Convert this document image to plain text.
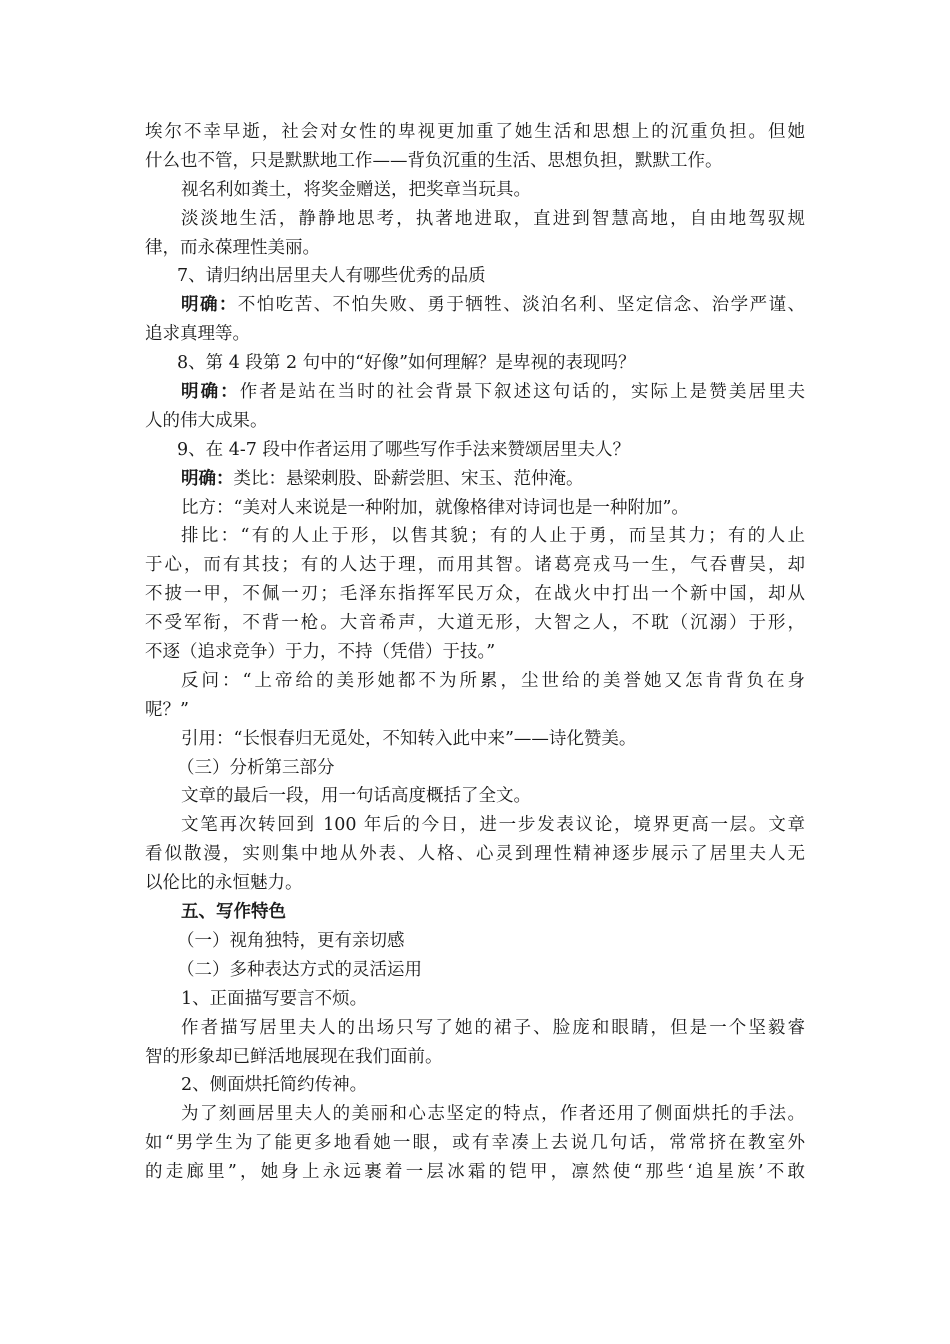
埃尔不幸早逝，社会对女性的卑视更加重了她生活和思想上的沉重负担。但她
什么也不管，只是默默地工作——背负沉重的生活、思想负担，默默工作。
视名利如粪土，将奖金赠送，把奖章当玩具。
淡淡地生活，静静地思考，执著地进取，直进到智慧高地，自由地驾驭规
律，而永葆理性美丽。
7、请归纳出居里夫人有哪些优秀的品质
明确：不怕吃苦、不怕失败、勇于牺牲、淡泊名利、坚定信念、治学严谨、
追求真理等。
8、第 4 段第 2 句中的“好像”如何理解？是卑视的表现吗？
明确：作者是站在当时的社会背景下叙述这句话的，实际上是赞美居里夫
人的伟大成果。
9、在 4-7 段中作者运用了哪些写作手法来赞颂居里夫人？
明确：类比：悬梁刺股、卧薪尝胆、宋玉、范仲淹。
比方：“美对人来说是一种附加，就像格律对诗词也是一种附加”。
排比：“有的人止于形，以售其貌；有的人止于勇，而呈其力；有的人止
于心，而有其技；有的人达于理，而用其智。诸葛亮戎马一生，气吞曹吴，却
不披一甲，不佩一刃；毛泽东指挥军民万众，在战火中打出一个新中国，却从
不受军衔，不背一枪。大音希声，大道无形，大智之人，不耽（沉溺）于形，
不逐（追求竞争）于力，不持（凭借）于技。”
反问：“上帝给的美形她都不为所累，尘世给的美誉她又怎肯背负在身
呢？”
引用：“长恨春归无觅处，不知转入此中来”——诗化赞美。
（三）分析第三部分
文章的最后一段，用一句话高度概括了全文。
文笔再次转回到 100 年后的今日，进一步发表议论，境界更高一层。文章
看似散漫，实则集中地从外表、人格、心灵到理性精神逐步展示了居里夫人无
以伦比的永恒魅力。
五、写作特色
（一）视角独特，更有亲切感
（二）多种表达方式的灵活运用
1、正面描写要言不烦。
作者描写居里夫人的出场只写了她的裙子、脸庞和眼睛，但是一个坚毅睿
智的形象却已鲜活地展现在我们面前。
2、侧面烘托简约传神。
为了刻画居里夫人的美丽和心志坚定的特点，作者还用了侧面烘托的手法。
如“男学生为了能更多地看她一眼，或有幸凑上去说几句话，常常挤在教室外
的走廊里”，她身上永远裹着一层冰霜的铠甲，凛然使“那些‘追星族’不敢
